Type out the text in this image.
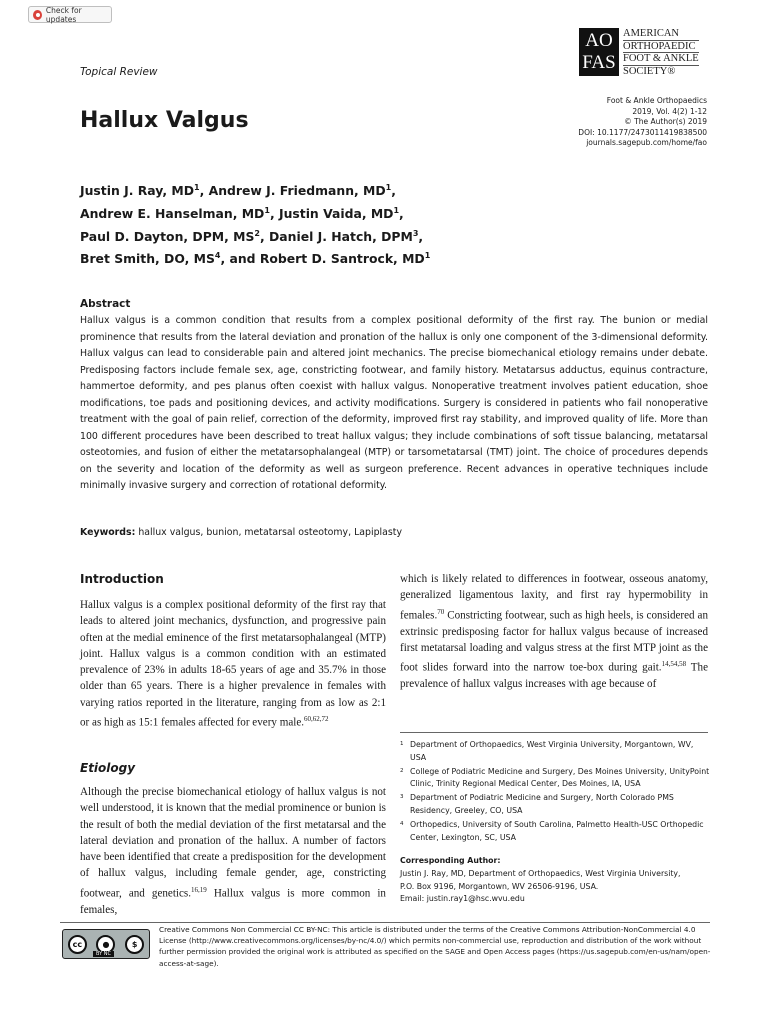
Check for updates
Topical Review
Hallux Valgus
AO
FAS
AMERICAN
ORTHOPAEDIC
FOOT & ANKLE
SOCIETY®
Foot & Ankle Orthopaedics
2019, Vol. 4(2) 1-12
© The Author(s) 2019
DOI: 10.1177/2473011419838500
journals.sagepub.com/home/fao
Justin J. Ray, $MD^1$, Andrew J. Friedmann, $MD^1$,
Andrew E. Hanselman, $MD^1$, Justin Vaida, $MD^1$,
Paul D. Dayton, DPM, $MS^2$, Daniel J. Hatch, DPM$^3$,
Bret Smith, DO, $MS^4$, and Robert D. Santrock, $MD^1$
Abstract
Hallux valgus is a common condition that results from a complex positional deformity of the first ray. The bunion or medial prominence that results from the lateral deviation and pronation of the hallux is only one component of the 3-dimensional deformity. Hallux valgus can lead to considerable pain and altered joint mechanics. The precise biomechanical etiology remains under debate. Predisposing factors include female sex, age, constricting footwear, and family history. Metatarsus adductus, equinus contracture, hammertoe deformity, and pes planus often coexist with hallux valgus. Nonoperative treatment involves patient education, shoe modifications, toe pads and positioning devices, and activity modifications. Surgery is considered in patients who fail nonoperative treatment with the goal of pain relief, correction of the deformity, improved first ray stability, and improved quality of life. More than 100 different procedures have been described to treat hallux valgus; they include combinations of soft tissue balancing, metatarsal osteotomies, and fusion of either the metatarsophalangeal (MTP) or tarsometatarsal (TMT) joint. The choice of procedures depends on the severity and location of the deformity as well as surgeon preference. Recent advances in operative techniques include minimally invasive surgery and correction of rotational deformity.
Keywords: hallux valgus, bunion, metatarsal osteotomy, Lapiplasty
Introduction
Hallux valgus is a complex positional deformity of the first ray that leads to altered joint mechanics, dysfunction, and progressive pain often at the medial eminence of the first metatarsophalangeal (MTP) joint. Hallux valgus is a common condition with an estimated prevalence of 23% in adults 18-65 years of age and 35.7% in those older than 65 years. There is a higher prevalence in females with varying ratios reported in the literature, ranging from as low as 2:1 or as high as 15:1 females affected for every male.$^{60,62,72}$
Etiology
Although the precise biomechanical etiology of hallux valgus is not well understood, it is known that the medial prominence or bunion is the result of both the medial deviation of the first metatarsal and the lateral deviation and pronation of the hallux. A number of factors have been identified that create a predisposition for the development of hallux valgus, including female gender, age, constricting footwear, and genetics.$^{16,19}$ Hallux valgus is more common in females,
which is likely related to differences in footwear, osseous anatomy, generalized ligamentous laxity, and first ray hypermobility in females.$^{70}$ Constricting footwear, such as high heels, is considered an extrinsic predisposing factor for hallux valgus because of increased first metatarsal loading and valgus stress at the first MTP joint as the foot slides forward into the narrow toe-box during gait.$^{14,54,58}$ The prevalence of hallux valgus increases with age because of
1 Department of Orthopaedics, West Virginia University, Morgantown, WV, USA
2 College of Podiatric Medicine and Surgery, Des Moines University, UnityPoint Clinic, Trinity Regional Medical Center, Des Moines, IA, USA
3 Department of Podiatric Medicine and Surgery, North Colorado PMS Residency, Greeley, CO, USA
4 Orthopedics, University of South Carolina, Palmetto Health-USC Orthopedic Center, Lexington, SC, USA
Corresponding Author:
Justin J. Ray, MD, Department of Orthopaedics, West Virginia University,
P.O. Box 9196, Morgantown, WV 26506-9196, USA.
Email: justin.ray1@hsc.wvu.edu
cc	●	$
BY NC
Creative Commons Non Commercial CC BY-NC: This article is distributed under the terms of the Creative Commons Attribution-NonCommercial 4.0 License (http://www.creativecommons.org/licenses/by-nc/4.0/) which permits non-commercial use, reproduction and distribution of the work without further permission provided the original work is attributed as specified on the SAGE and Open Access pages (https://us.sagepub.com/en-us/nam/open-access-at-sage).
